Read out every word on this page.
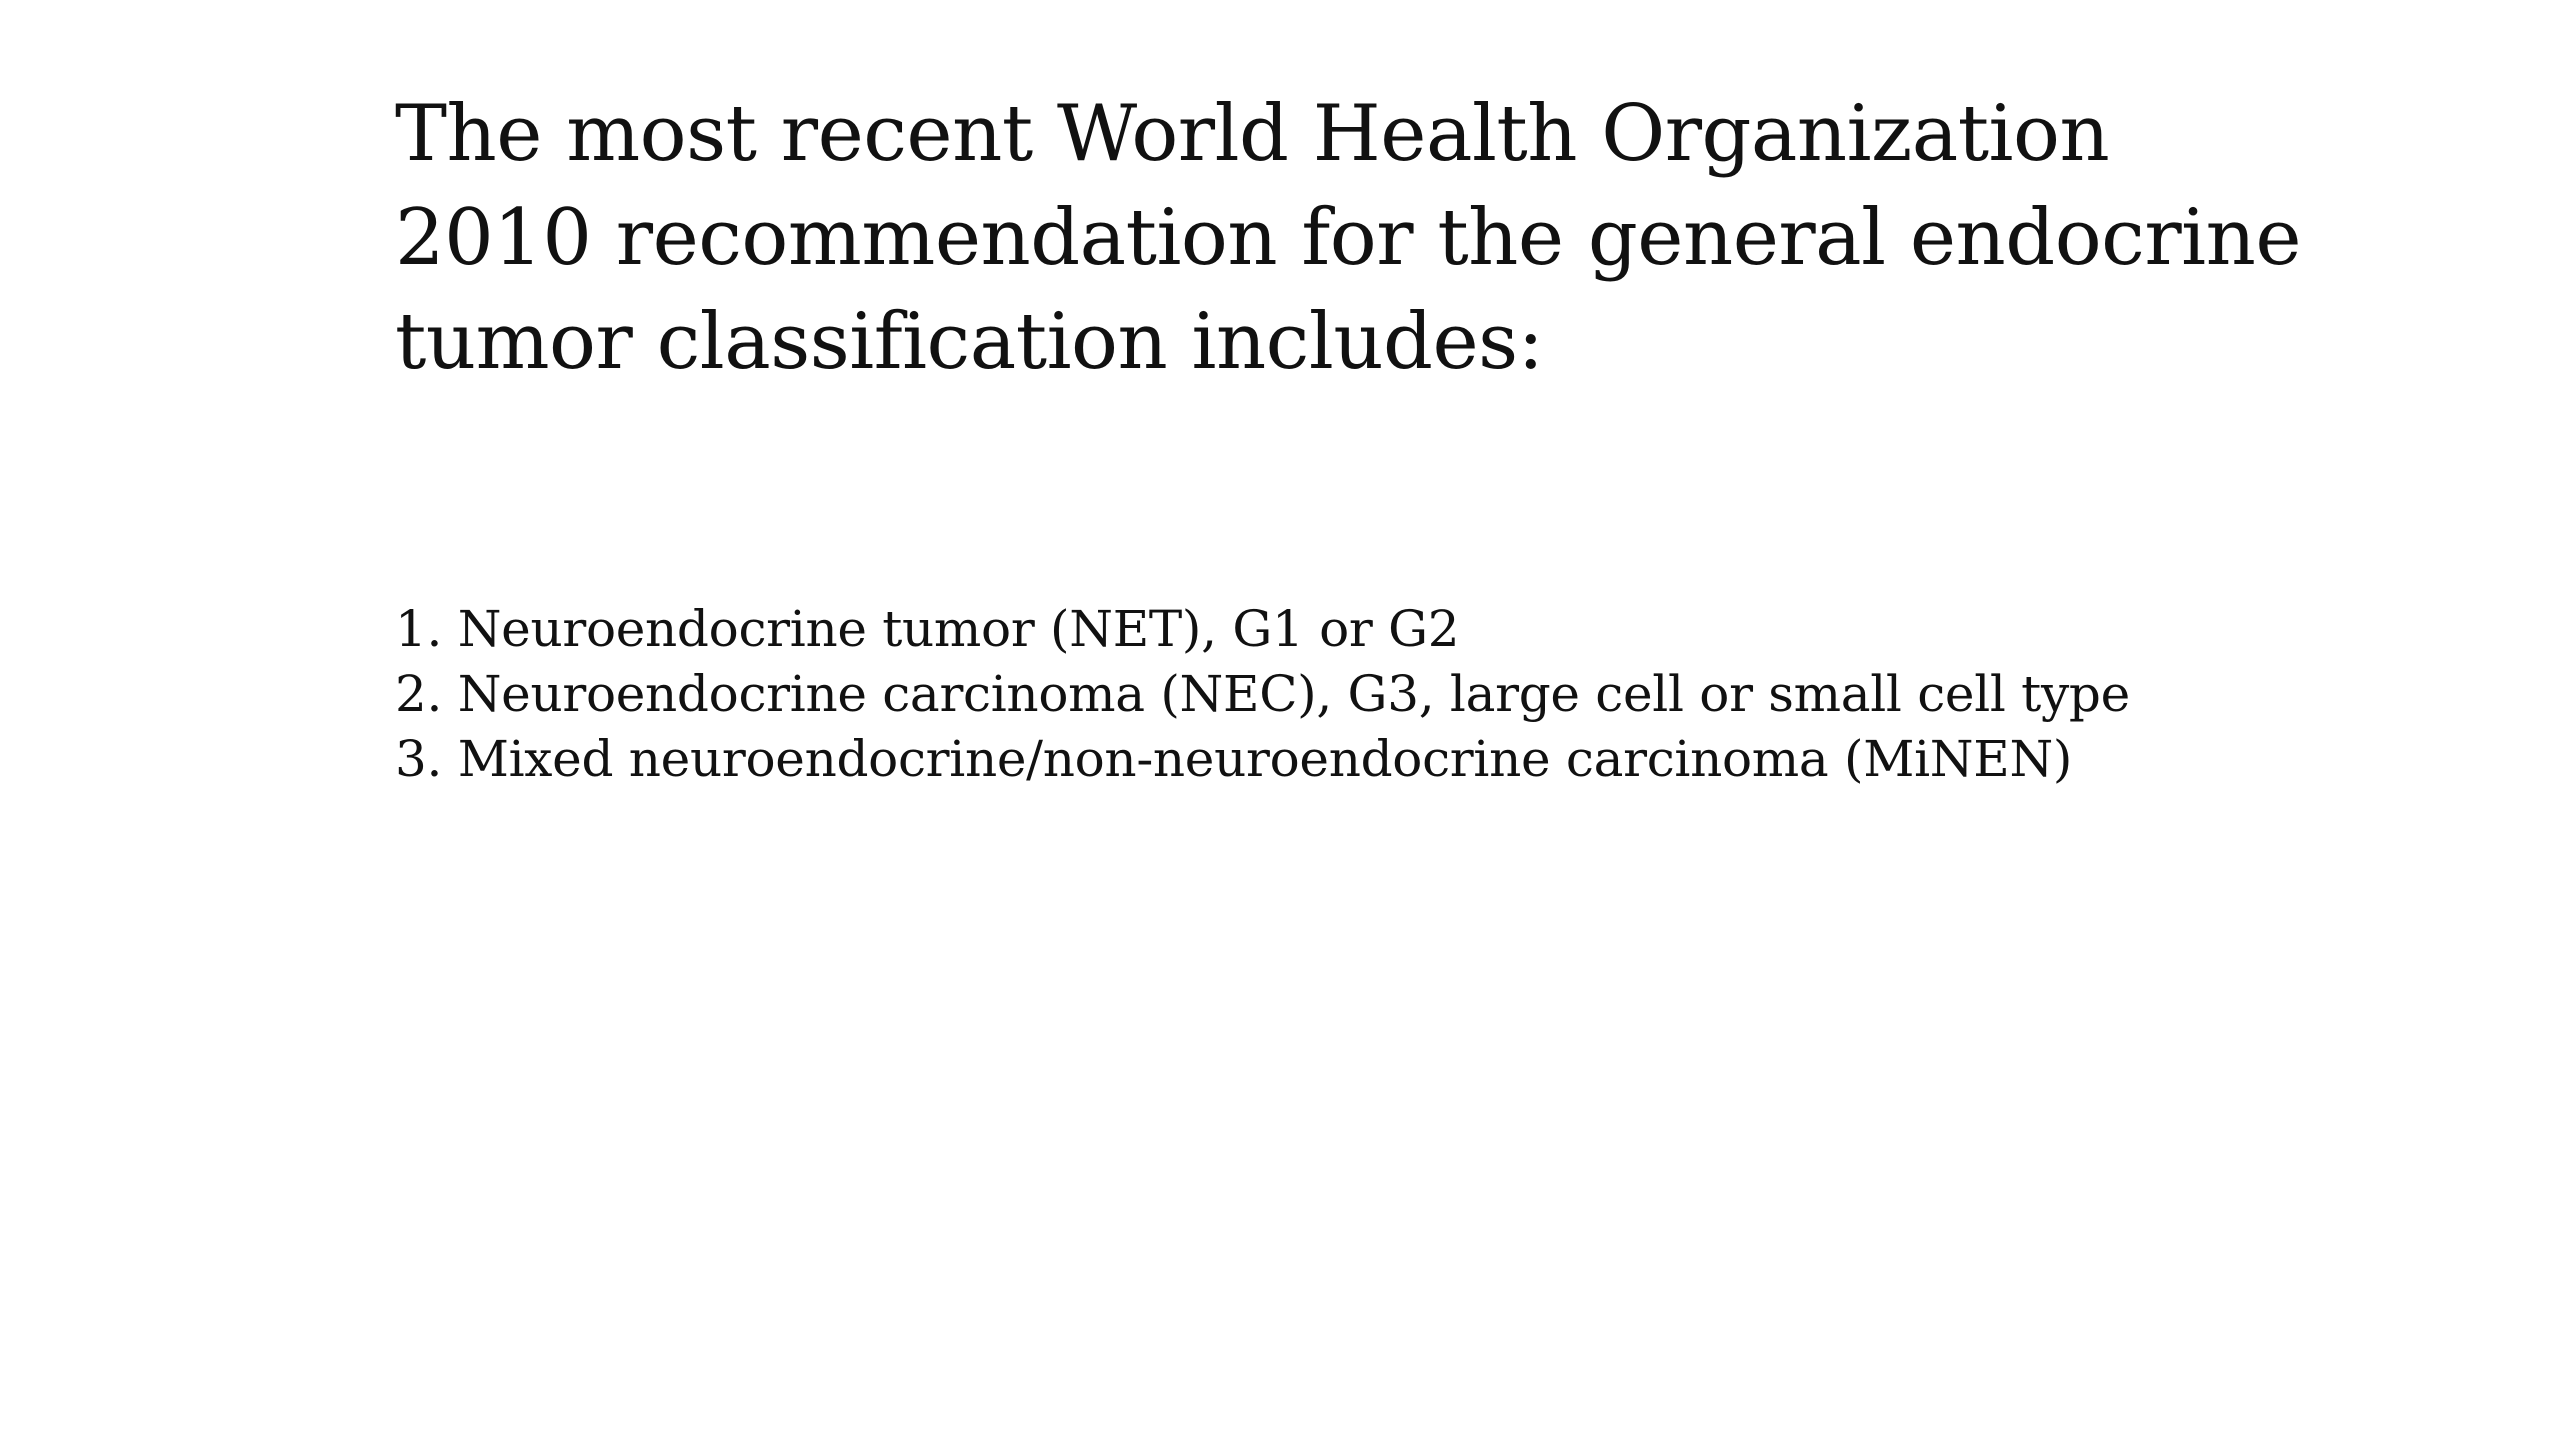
The most recent World Health Organization
2010 recommendation for the general endocrine
tumor classification includes:
1. Neuroendocrine tumor (NET), G1 or G2
2. Neuroendocrine carcinoma (NEC), G3, large cell or small cell type
3. Mixed neuroendocrine/non-neuroendocrine carcinoma (MiNEN)
